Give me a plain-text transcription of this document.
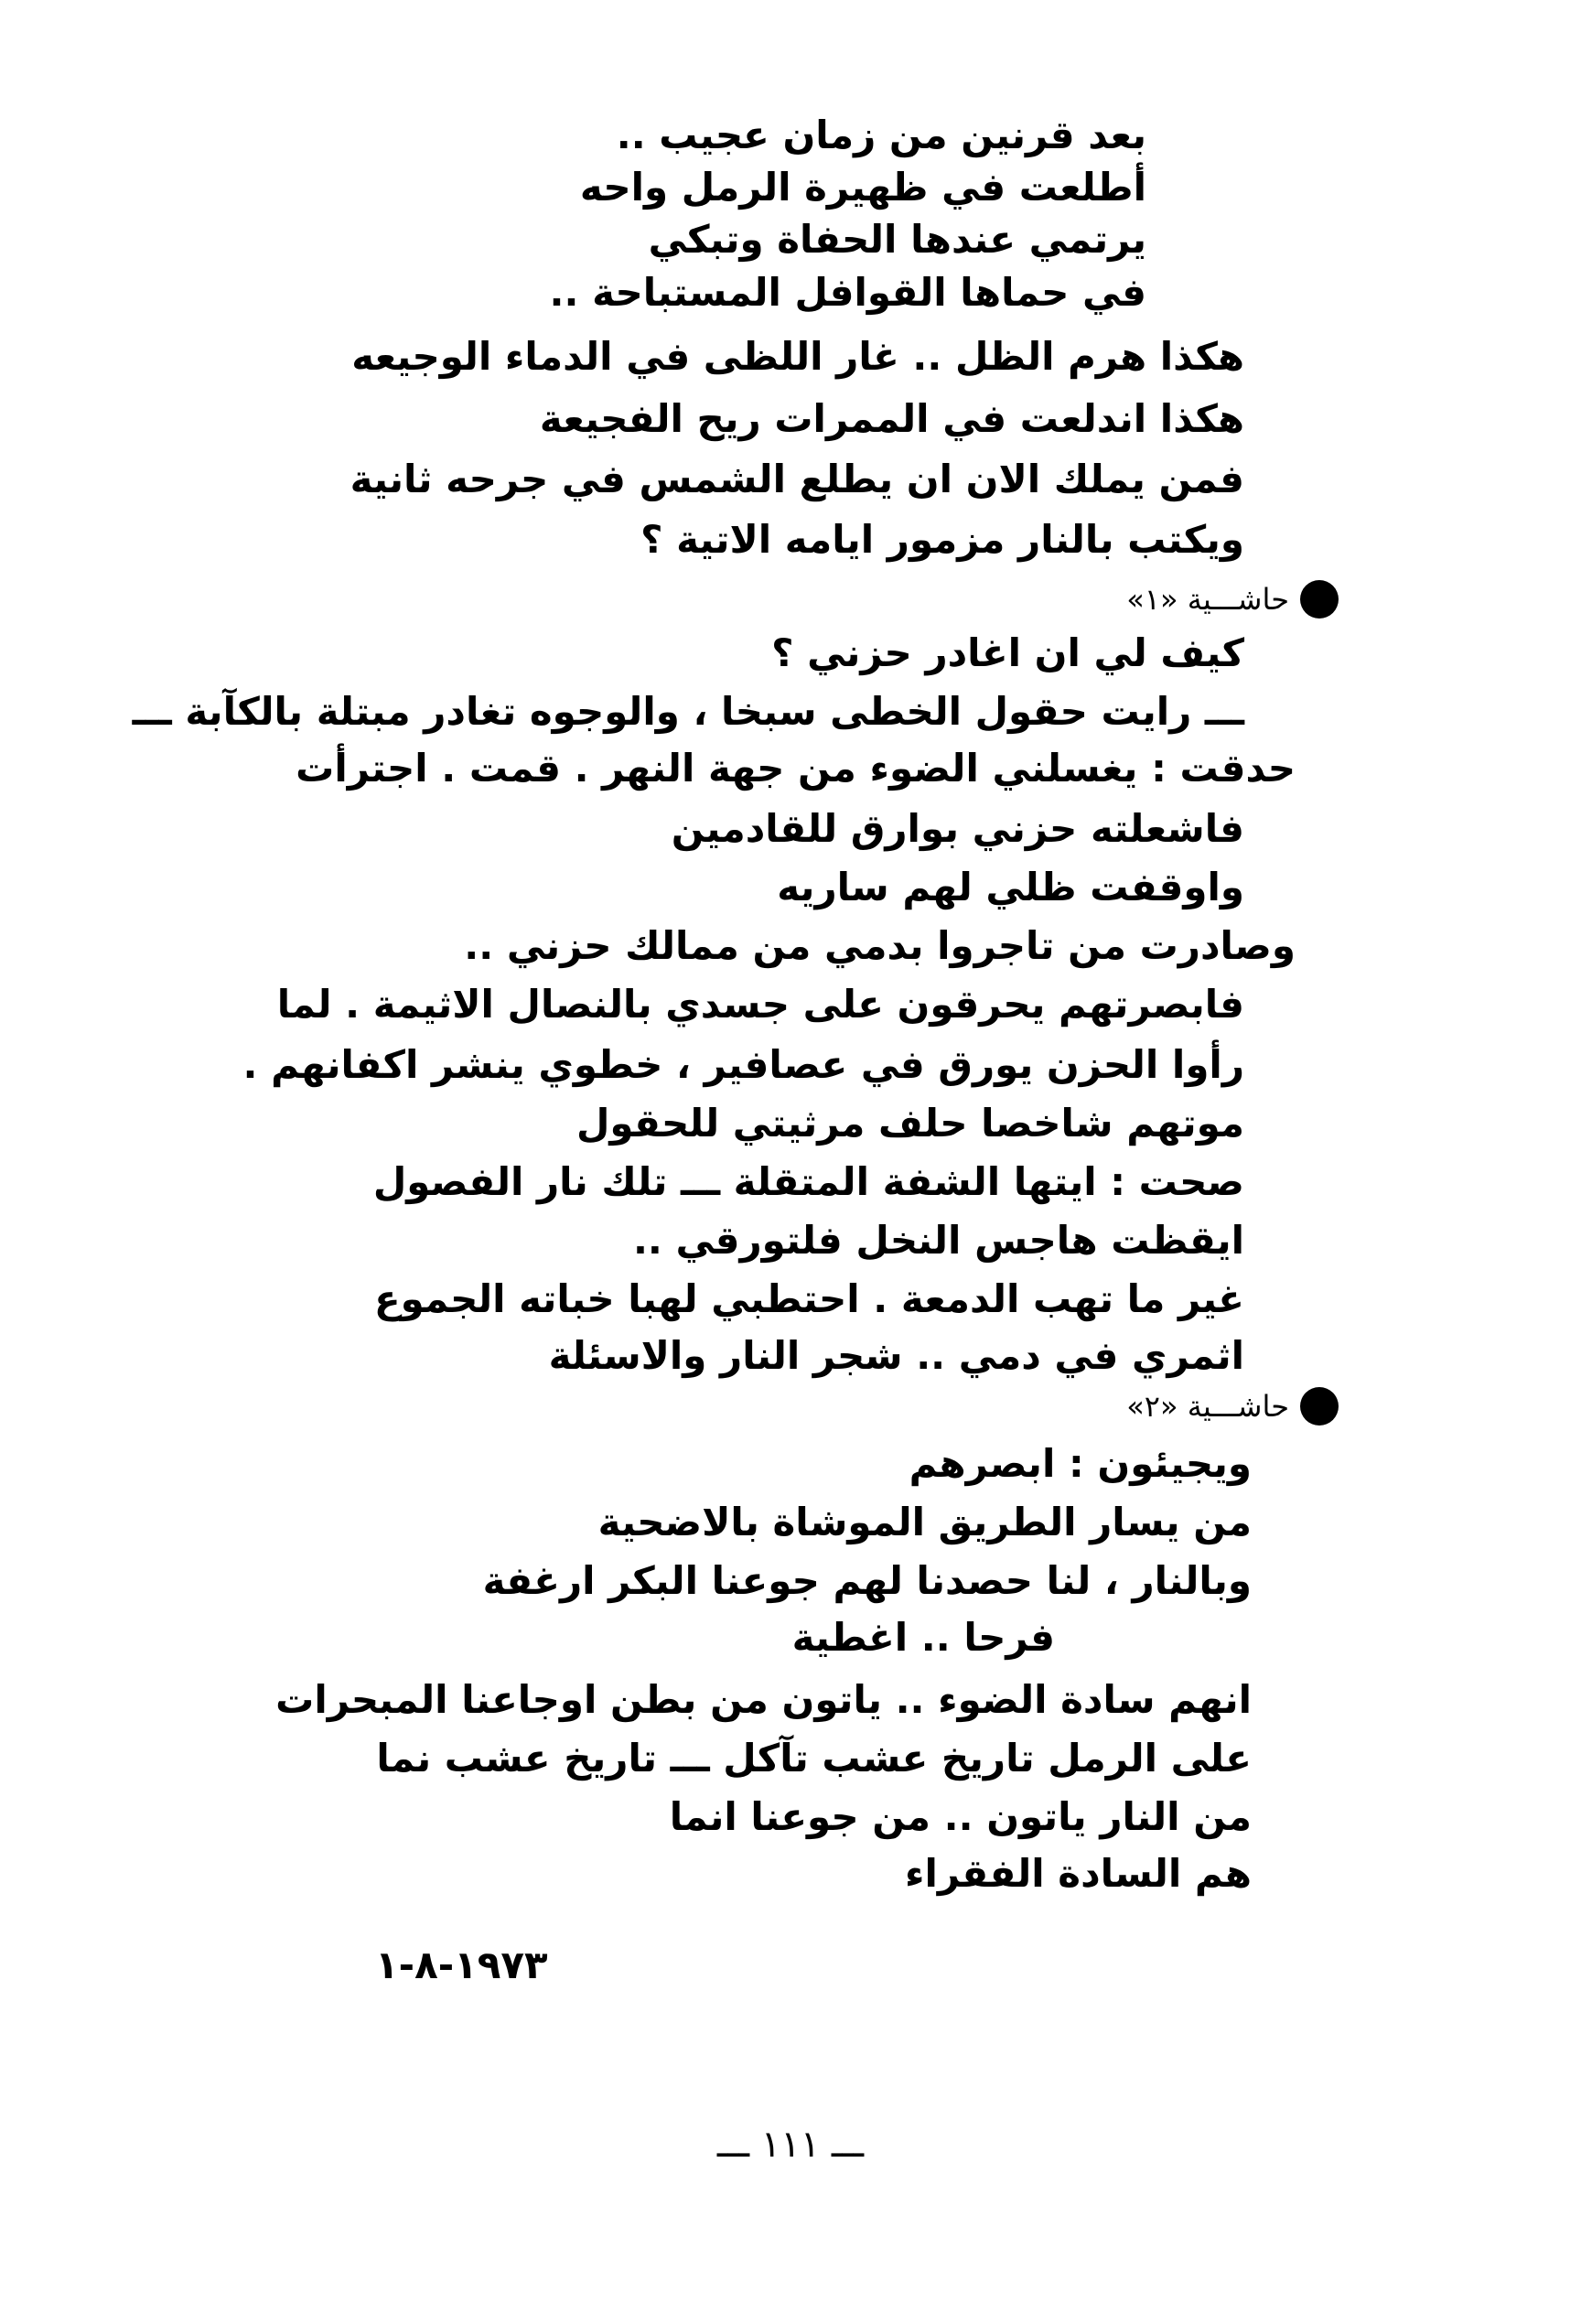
بعد قرنين من زمان عجيب ..
أطلعت في ظهيرة الرمل واحه
يرتمي عندها الحفاة وتبكي
في حماها القوافل المستباحة ..
هكذا هرم الظل .. غار اللظى في الدماء الوجيعه
هكذا اندلعت في الممرات ريح الفجيعة
فمن يملك الان ان يطلع الشمس في جرحه ثانية
ويكتب بالنار مزمور ايامه الاتية ؟
حاشـــية «١»
كيف لي ان اغادر حزني ؟
ـــ رايت حقول الخطى سبخا ، والوجوه تغادر مبتلة بالكآبة ـــ
حدقت : يغسلني الضوء من جهة النهر . قمت . اجترأت
فاشعلته حزني بوارق للقادمين
واوقفت ظلي لهم ساريه
وصادرت من تاجروا بدمي من ممالك حزني ..
فابصرتهم يحرقون على جسدي بالنصال الاثيمة . لما
رأوا الحزن يورق في عصافير ، خطوي ينشر اكفانهم .
موتهم شاخصا حلف مرثيتي للحقول
صحت : ايتها الشفة المتقلة ـــ تلك نار الفصول
ايقظت هاجس النخل فلتورقي ..
غير ما تهب الدمعة . احتطبي لهبا خباته الجموع
اثمري في دمي .. شجر النار والاسئلة
حاشـــية «٢»
ويجيئون : ابصرهم
من يسار الطريق الموشاة بالاضحية
وبالنار ، لنا حصدنا لهم جوعنا البكر ارغفة
فرحا .. اغطية
انهم سادة الضوء .. ياتون من بطن اوجاعنا المبحرات
على الرمل تاريخ عشب تآكل ـــ تاريخ عشب نما
من النار ياتون .. من جوعنا انما
هم السادة الفقراء
١٩٧٣-٨-١
ـــ ١١١ ـــ
